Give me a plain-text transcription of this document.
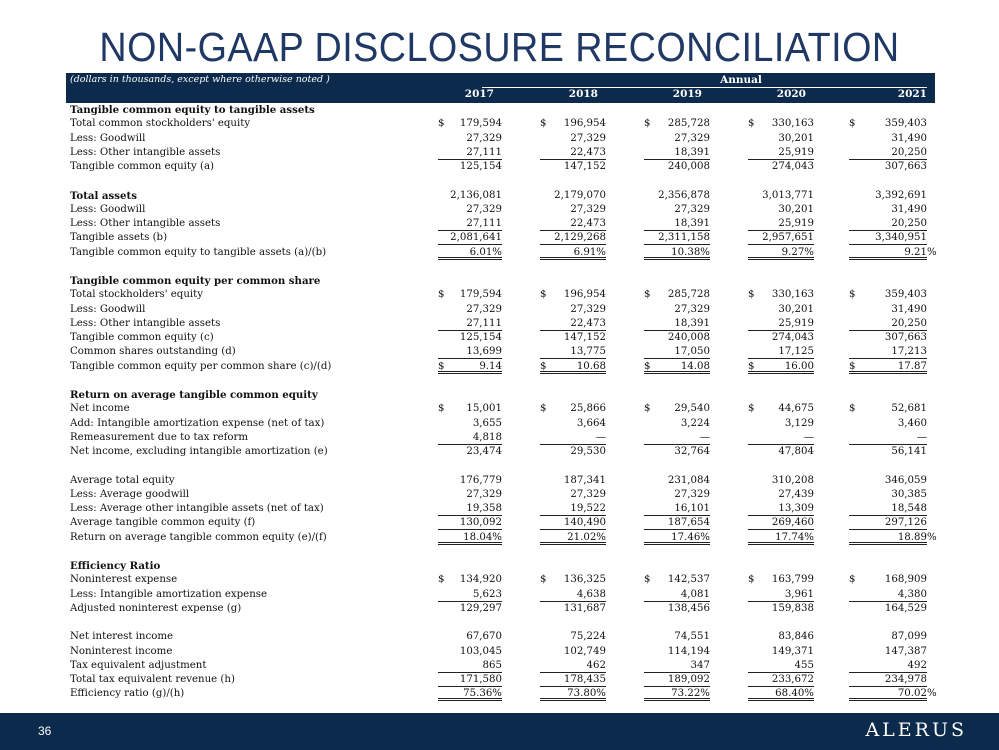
NON-GAAP DISCLOSURE RECONCILIATION
(dollars in thousands, except where otherwise noted )	Annual
2017	2018	2019	2020	2021
Tangible common equity to tangible assets
Total common stockholders' equity	$ 179,594	$ 196,954	$ 285,728	$ 330,163	$	359,403
Less: Goodwill	27,329	27,329	27,329	30,201	31,490
Less: Other intangible assets	27,111	22,473	18,391	25,919	20,250
Tangible common equity (a)	125,154	147,152	240,008	274,043	307,663
Total assets	2,136,081	2,179,070	2,356,878	3,013,771	3,392,691
Less: Goodwill	27,329	27,329	27,329	30,201	31,490
Less: Other intangible assets	27,111	22,473	18,391	25,919	20,250
Tangible assets (b)	2,081,641	2,129,268	2,311,158	2,957,651	3,340,951
Tangible common equity to tangible assets (a)/(b)	6.01%	6.91%	10.38%	9.27%	9.21 %
Tangible common equity per common share
Total stockholders' equity	$ 179,594	$ 196,954	$ 285,728	$ 330,163	$	359,403
Less: Goodwill	27,329	27,329	27,329	30,201	31,490
Less: Other intangible assets	27,111	22,473	18,391	25,919	20,250
Tangible common equity (c)	125,154	147,152	240,008	274,043	307,663
Common shares outstanding (d)	13,699	13,775	17,050	17,125	17,213
Tangible common equity per common share (c)/(d)	$	9.14	$	10.68	$	14.08	$	16.00	$	17.87
Return on average tangible common equity
Net income	$ 15,001	$ 25,866	$ 29,540	$ 44,675	$	52,681
Add: Intangible amortization expense (net of tax)	3,655	3,664	3,224	3,129	3,460
Remeasurement due to tax reform	4,818	—	—	—	—
Net income, excluding intangible amortization (e)	23,474	29,530	32,764	47,804	56,141
Average total equity	176,779	187,341	231,084	310,208	346,059
Less: Average goodwill	27,329	27,329	27,329	27,439	30,385
Less: Average other intangible assets (net of tax)	19,358	19,522	16,101	13,309	18,548
Average tangible common equity (f)	130,092	140,490	187,654	269,460	297,126
Return on average tangible common equity (e)/(f)	18.04%	21.02%	17.46%	17.74%	18.89 %
Efficiency Ratio
Noninterest expense	$ 134,920	$ 136,325	$ 142,537	$ 163,799	$	168,909
Less: Intangible amortization expense	5,623	4,638	4,081	3,961	4,380
Adjusted noninterest expense (g)	129,297	131,687	138,456	159,838	164,529
Net interest income	67,670	75,224	74,551	83,846	87,099
Noninterest income	103,045	102,749	114,194	149,371	147,387
Tax equivalent adjustment	865	462	347	455	492
Total tax equivalent revenue (h)	171,580	178,435	189,092	233,672	234,978
Efficiency ratio (g)/(h)	75.36%	73.80%	73.22%	68.40%	70.02 %
36	ALERUS
